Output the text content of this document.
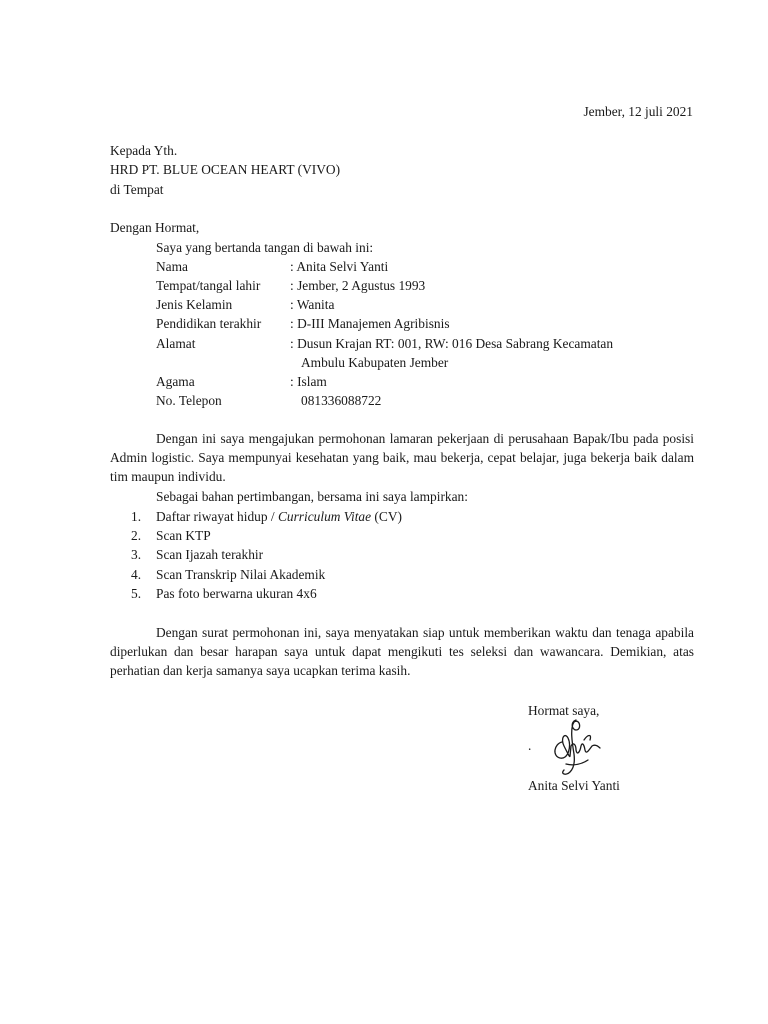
Jember, 12 juli 2021
Kepada Yth.
HRD PT. BLUE OCEAN HEART (VIVO)
di Tempat
Dengan Hormat,
Saya yang bertanda tangan di bawah ini:
Nama	: Anita Selvi Yanti
Tempat/tangal lahir : Jember, 2 Agustus 1993
Jenis Kelamin	: Wanita
Pendidikan terakhir : D-III Manajemen Agribisnis
Alamat	: Dusun Krajan RT: 001, RW: 016 Desa Sabrang Kecamatan
Ambulu Kabupaten Jember
Agama	: Islam
No. Telepon	081336088722
Dengan ini saya mengajukan permohonan lamaran pekerjaan di perusahaan Bapak/Ibu pada posisi Admin logistic. Saya mempunyai kesehatan yang baik, mau bekerja, cepat belajar, juga bekerja baik dalam tim maupun individu.
Sebagai bahan pertimbangan, bersama ini saya lampirkan:
1. Daftar riwayat hidup / Curriculum Vitae (CV)
2. Scan KTP
3. Scan Ijazah terakhir
4. Scan Transkrip Nilai Akademik
5. Pas foto berwarna ukuran 4x6
Dengan surat permohonan ini, saya menyatakan siap untuk memberikan waktu dan tenaga apabila diperlukan dan besar harapan saya untuk dapat mengikuti tes seleksi dan wawancara. Demikian, atas perhatian dan kerja samanya saya ucapkan terima kasih.
Hormat saya,
.
Anita Selvi Yanti
